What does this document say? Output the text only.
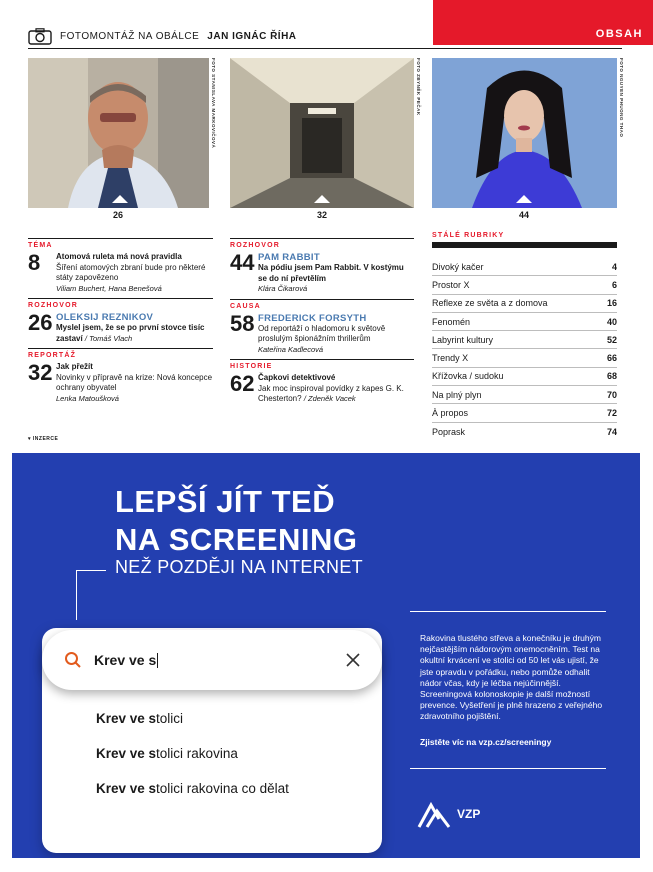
FOTOMONTÁŽ NA OBÁLCE JAN IGNÁC ŘÍHA	OBSAH
FOTO STANISLAVA MARKOVIČOVÁ
26
FOTO ZBYNĚK PEČAK
32
FOTO NGUYEN PHUONG THAO
44
TÉMA
8	Atomová ruleta má nová pravidla
Šíření atomových zbraní bude pro některé státy zapovězeno
Viliam Buchert, Hana Benešová
ROZHOVOR
26 OLEKSIJ REZNIKOV
Myslel jsem, že se po první stovce tisíc zastaví / Tomáš Vlach
REPORTÁŽ
32 Jak přežít
Novinky v přípravě na krize: Nová koncepce ochrany obyvatel
Lenka Matoušková
ROZHOVOR
44 PAM RABBIT
Na pódiu jsem Pam Rabbit. V kostýmu se do ní převtělím
Klára Čikarová
CAUSA
58 FREDERICK FORSYTH
Od reportáží o hladomoru k světově proslulým špionážním thrillerům
Kateřina Kadlecová
HISTORIE
62 Čapkovi detektivové
Jak moc inspiroval povídky z kapes G. K. Chesterton? / Zdeněk Vacek
STÁLÉ RUBRIKY
Divoký kačer	4
Prostor X	6
Reflexe ze světa a z domova	16
Fenomén	40
Labyrint kultury	52
Trendy X	66
Křížovka / sudoku	68
Na plný plyn	70
À propos	72
Poprask	74
▾ INZERCE
LEPŠÍ JÍT TEĎ
NA SCREENING
NEŽ POZDĚJI NA INTERNET
Rakovina tlustého střeva a konečníku je druhým nejčastějším nádorovým onemocněním. Test na okultní krvácení ve stolici od 50 let vás ujistí, že jste opravdu v pořádku, nebo pomůže odhalit nádor včas, kdy je léčba nejúčinnější. Screeningová kolonoskopie je další možností prevence. Vyšetření je plně hrazeno z veřejného zdravotního pojištění.
Zjistěte víc na vzp.cz/screeningy
VZP
Krev ve s
Krev ve stolici
Krev ve stolici rakovina
Krev ve stolici rakovina co dělat
